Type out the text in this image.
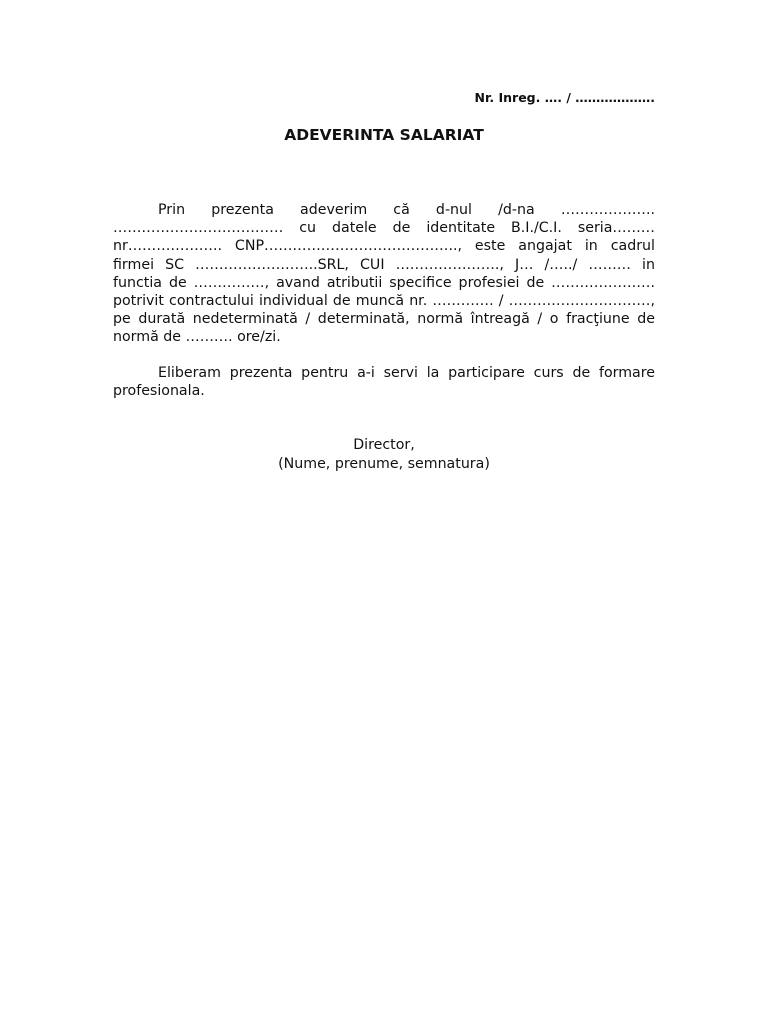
Nr. Inreg. …. / ……………….
ADEVERINTA SALARIAT

Prin prezenta adeverim că d-nul /d-na ……………….. ……………………………… cu datele de identitate B.I./C.I. seria……… nr……………….. CNP………………………………….., este angajat in cadrul firmei SC ……………………..SRL, CUI …………………., J… /…../ ……… in functia de ……………, avand atributii specifice profesiei de …………………. potrivit contractului individual de muncă nr. …………. / …………………………, pe durată nedeterminată / determinată, normă întreagă / o fracţiune de normă de ………. ore/zi.

Eliberam prezenta pentru a-i servi la participare curs de formare profesionala.

Director,
(Nume, prenume, semnatura)
